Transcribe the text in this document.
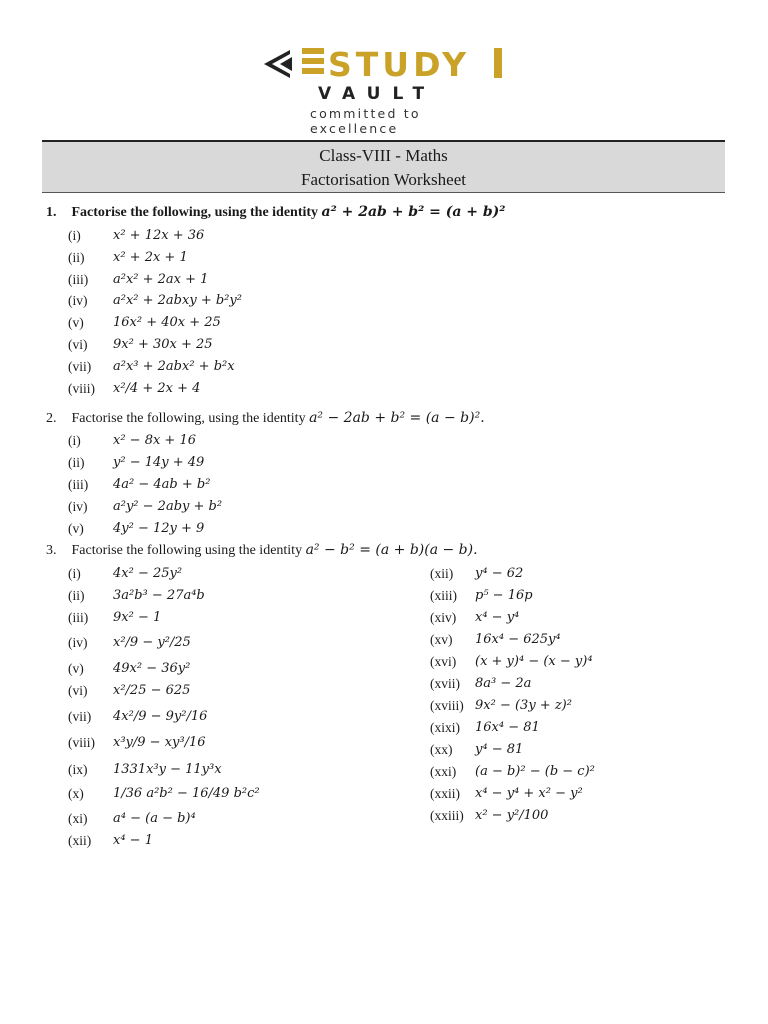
STUDY
VAULT
committed to excellence
Class-VIII - Maths
Factorisation Worksheet
1. Factorise the following, using the identity a² + 2ab + b² = (a + b)²
(i) x² + 12x + 36
(ii) x² + 2x + 1
(iii) a²x² + 2ax + 1
(iv) a²x² + 2abxy + b²y²
(v) 16x² + 40x + 25
(vi) 9x² + 30x + 25
(vii) a²x³ + 2abx² + b²x
(viii) x²/4 + 2x + 4
2. Factorise the following, using the identity a² − 2ab + b² = (a − b)².
(i) x² − 8x + 16
(ii) y² − 14y + 49
(iii) 4a² − 4ab + b²
(iv) a²y² − 2aby + b²
(v) 4y² − 12y + 9
3. Factorise the following using the identity a² − b² = (a + b)(a − b).
(i) 4x² − 25y²
(ii) 3a²b³ − 27a⁴b
(iii) 9x² − 1
(iv) x²/9 − y²/25
(v) 49x² − 36y²
(vi) x²/25 − 625
(vii) 4x²/9 − 9y²/16
(viii) x³y/9 − xy³/16
(ix) 1331x³y − 11y³x
(x) 1/36 a²b² − 16/49 b²c²
(xi) a⁴ − (a − b)⁴
(xii) x⁴ − 1
(xii) y⁴ − 62
(xiii) p⁵ − 16p
(xiv) x⁴ − y⁴
(xv) 16x⁴ − 625y⁴
(xvi) (x + y)⁴ − (x − y)⁴
(xvii) 8a³ − 2a
(xviii) 9x² − (3y + z)²
(xixi) 16x⁴ − 81
(xx) y⁴ − 81
(xxi) (a − b)² − (b − c)²
(xxii) x⁴ − y⁴ + x² − y²
(xxiii) x² − y²/100
